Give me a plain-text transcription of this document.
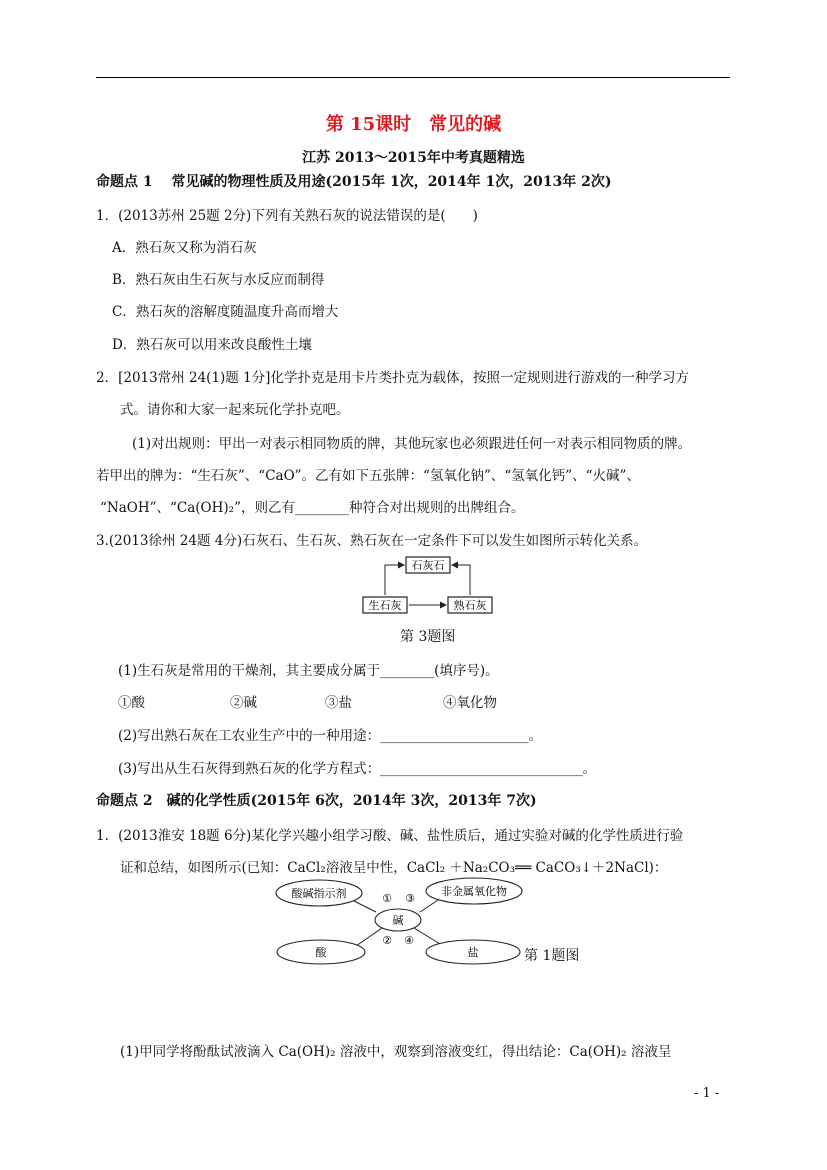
第 15课时　常见的碱
江苏 2013～2015年中考真题精选
命题点 1　 常见碱的物理性质及用途(2015年 1次，2014年 1次，2013年 2次)
1．(2013苏州 25题 2分)下列有关熟石灰的说法错误的是(　　)
A．熟石灰又称为消石灰
B．熟石灰由生石灰与水反应而制得
C．熟石灰的溶解度随温度升高而增大
D．熟石灰可以用来改良酸性土壤
2．[2013常州 24(1)题 1分]化学扑克是用卡片类扑克为载体，按照一定规则进行游戏的一种学习方
式。请你和大家一起来玩化学扑克吧。
(1)对出规则：甲出一对表示相同物质的牌，其他玩家也必须跟进任何一对表示相同物质的牌。
若甲出的牌为：“生石灰”、“CaO”。乙有如下五张牌：“氢氧化钠”、“氢氧化钙”、“火碱”、
“NaOH”、“Ca(OH)₂”，则乙有________种符合对出规则的出牌组合。
3.(2013徐州 24题 4分)石灰石、生石灰、熟石灰在一定条件下可以发生如图所示转化关系。
石灰石
生石灰	熟石灰
第 3题图
(1)生石灰是常用的干燥剂，其主要成分属于________(填序号)。
①酸	②碱	③盐	④氧化物
(2)写出熟石灰在工农业生产中的一种用途：______________________。
(3)写出从生石灰得到熟石灰的化学方程式：______________________________。
命题点 2　碱的化学性质(2015年 6次，2014年 3次，2013年 7次)
1．(2013淮安 18题 6分)某化学兴趣小组学习酸、碱、盐性质后，通过实验对碱的化学性质进行验
证和总结，如图所示(已知：CaCl₂溶液呈中性，CaCl₂ ＋Na₂CO₃══ CaCO₃↓＋2NaCl)：
酸碱指示剂	非金属氧化物
碱
酸	盐
① ③
② ④
第 1题图
(1)甲同学将酚酞试液滴入 Ca(OH)₂ 溶液中，观察到溶液变红，得出结论：Ca(OH)₂ 溶液呈
- 1 -
